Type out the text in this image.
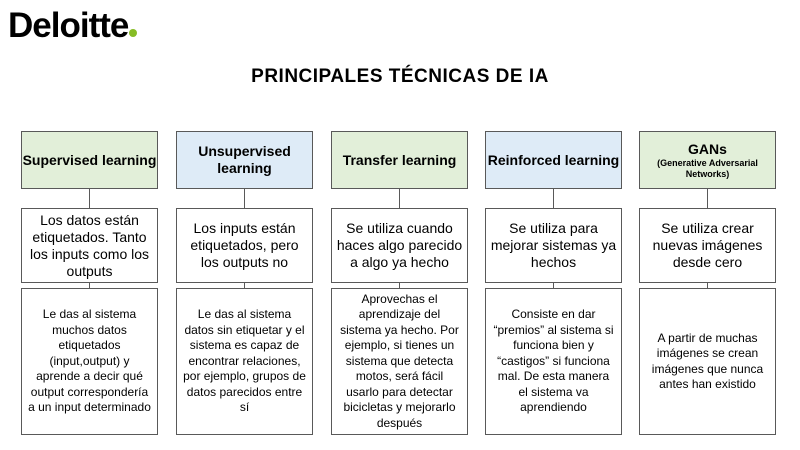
Deloitte
PRINCIPALES TÉCNICAS DE IA
Supervised learning
Los datos están etiquetados. Tanto los inputs como los outputs
Le das al sistema muchos datos etiquetados (input,output) y aprende a decir qué output correspondería a un input determinado
Unsupervised learning
Los inputs están etiquetados, pero los outputs no
Le das al sistema datos sin etiquetar y el sistema es capaz de encontrar relaciones, por ejemplo, grupos de datos parecidos entre sí
Transfer learning
Se utiliza cuando haces algo parecido a algo ya hecho
Aprovechas el aprendizaje del sistema ya hecho. Por ejemplo, si tienes un sistema que detecta motos, será fácil usarlo para detectar bicicletas y mejorarlo después
Reinforced learning
Se utiliza para mejorar sistemas ya hechos
Consiste en dar “premios” al sistema si funciona bien y “castigos” si funciona mal. De esta manera el sistema va aprendiendo
GANs
(Generative Adversarial Networks)
Se utiliza crear nuevas imágenes desde cero
A partir de muchas imágenes se crean imágenes que nunca antes han existido
